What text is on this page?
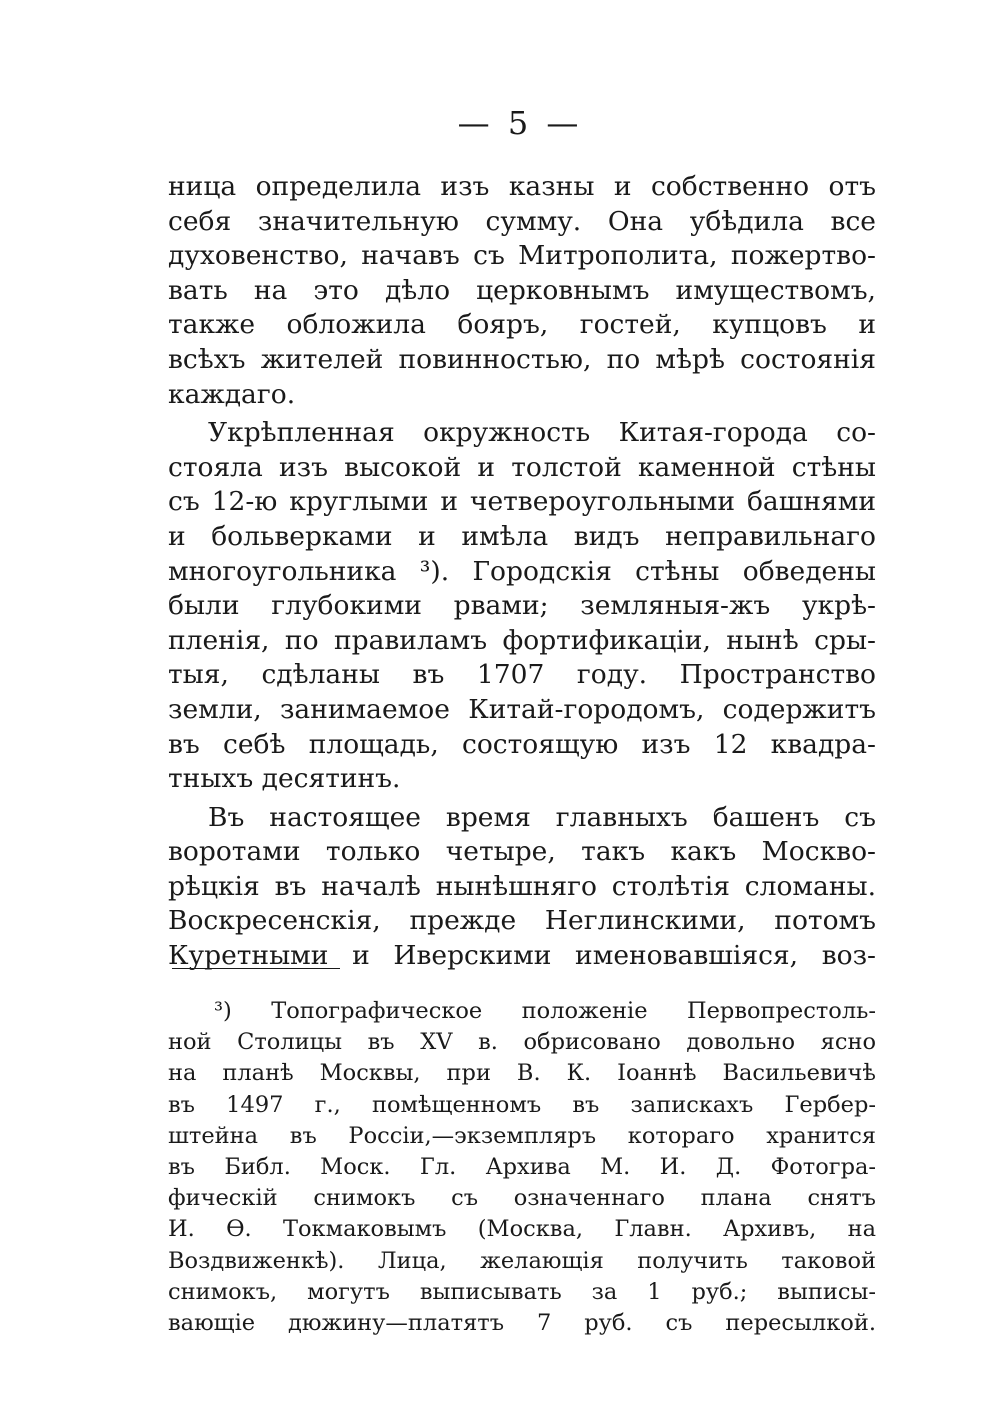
— 5 —
ница определила изъ казны и собственно отъ
себя значительную сумму. Она убѣдила все
духовенство, начавъ съ Митрополита, пожертво-
вать на это дѣло церковнымъ имуществомъ,
также обложила бояръ, гостей, купцовъ и
всѣхъ жителей повинностью, по мѣрѣ состоянія
каждаго.
Укрѣпленная окружность Китая-города со-
стояла изъ высокой и толстой каменной стѣны
съ 12-ю круглыми и четвероугольными башнями
и больверками и имѣла видъ неправильнаго
многоугольника ³). Городскія стѣны обведены
были глубокими рвами; земляныя-жъ укрѣ-
пленія, по правиламъ фортификаціи, нынѣ сры-
тыя, сдѣланы въ 1707 году. Пространство
земли, занимаемое Китай-городомъ, содержитъ
въ себѣ площадь, состоящую изъ 12 квадра-
тныхъ десятинъ.
Въ настоящее время главныхъ башенъ съ
воротами только четыре, такъ какъ Москво-
рѣцкія въ началѣ нынѣшняго столѣтія сломаны.
Воскресенскія, прежде Неглинскими, потомъ
Куретными и Иверскими именовавшіяся, воз-
³) Топографическое положеніе Первопрестоль-
ной Столицы въ XV в. обрисовано довольно ясно
на планѣ Москвы, при В. К. Іоаннѣ Васильевичѣ
въ 1497 г., помѣщенномъ въ запискахъ Гербер-
штейна въ Россіи,—экземпляръ котораго хранится
въ Библ. Моск. Гл. Архива М. И. Д. Фотогра-
фическій снимокъ съ означеннаго плана снятъ
И. Ѳ. Токмаковымъ (Москва, Главн. Архивъ, на
Воздвиженкѣ). Лица, желающія получить таковой
снимокъ, могутъ выписывать за 1 руб.; выписы-
вающіе дюжину—платятъ 7 руб. съ пересылкой.
